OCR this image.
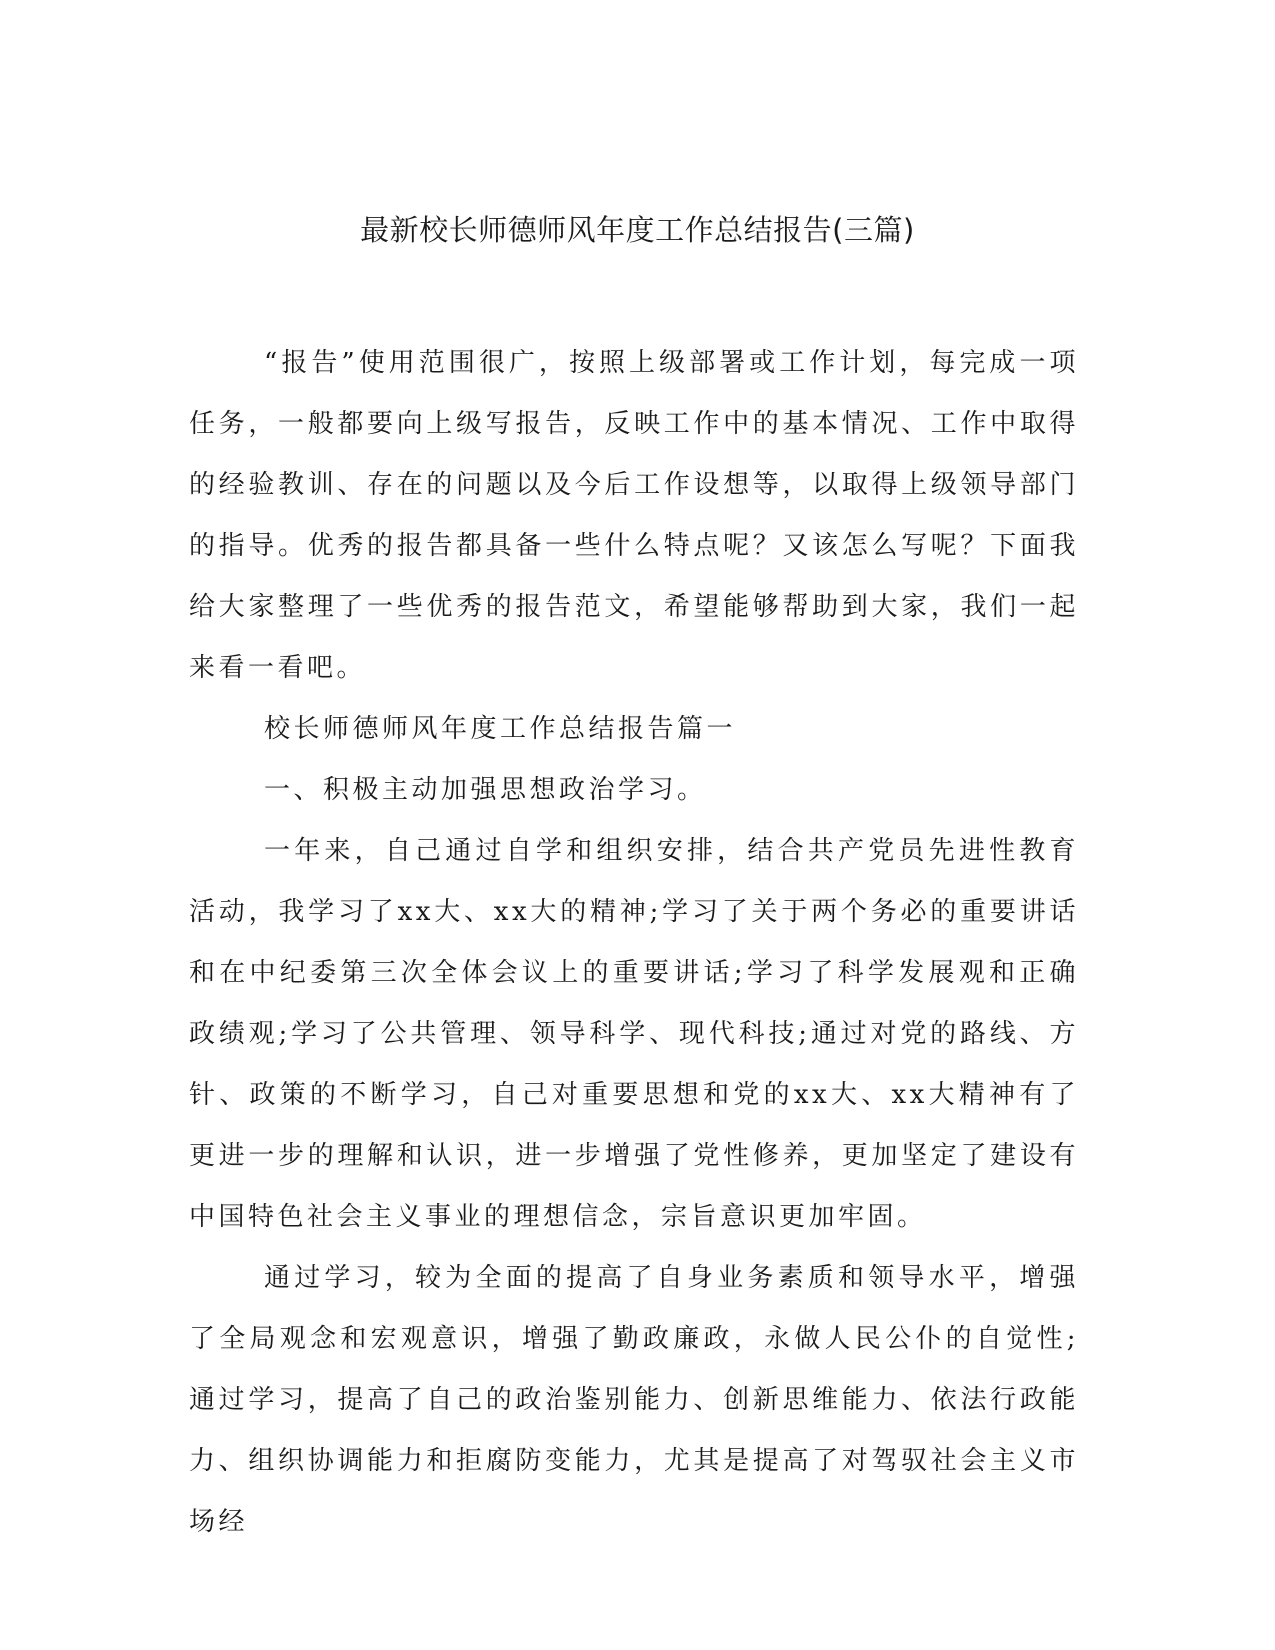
最新校长师德师风年度工作总结报告(三篇)

“报告”使用范围很广，按照上级部署或工作计划，每完成一项任务，一般都要向上级写报告，反映工作中的基本情况、工作中取得的经验教训、存在的问题以及今后工作设想等，以取得上级领导部门的指导。优秀的报告都具备一些什么特点呢？又该怎么写呢？下面我给大家整理了一些优秀的报告范文，希望能够帮助到大家，我们一起来看一看吧。

校长师德师风年度工作总结报告篇一

一、积极主动加强思想政治学习。

一年来，自己通过自学和组织安排，结合共产党员先进性教育活动，我学习了xx大、xx大的精神;学习了关于两个务必的重要讲话和在中纪委第三次全体会议上的重要讲话;学习了科学发展观和正确政绩观;学习了公共管理、领导科学、现代科技;通过对党的路线、方针、政策的不断学习，自己对重要思想和党的xx大、xx大精神有了更进一步的理解和认识，进一步增强了党性修养，更加坚定了建设有中国特色社会主义事业的理想信念，宗旨意识更加牢固。

通过学习，较为全面的提高了自身业务素质和领导水平，增强了全局观念和宏观意识，增强了勤政廉政，永做人民公仆的自觉性;通过学习，提高了自己的政治鉴别能力、创新思维能力、依法行政能力、组织协调能力和拒腐防变能力，尤其是提高了对驾驭社会主义市场经
